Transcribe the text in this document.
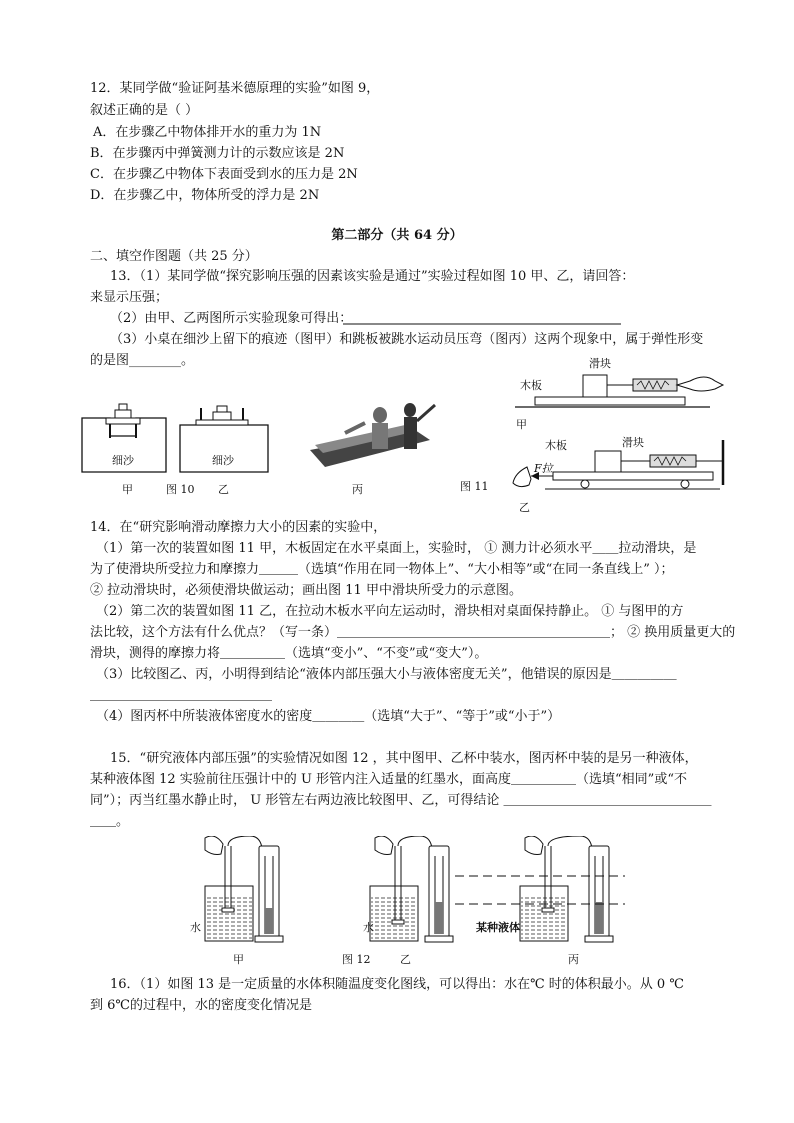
12．某同学做“验证阿基米德原理的实验”如图 9，
叙述正确的是（ ）
A．在步骤乙中物体排开水的重力为 1N
B．在步骤丙中弹簧测力计的示数应该是 2N
C．在步骤乙中物体下表面受到水的压力是 2N
D．在步骤乙中，物体所受的浮力是 2N
第二部分（共 64 分）
二、填空作图题（共 25 分）
13．（1）某同学做“探究影响压强的因素该实验是通过”实验过程如图 10 甲、乙，请回答：
来显示压强；
（2）由甲、乙两图所示实验现象可得出：
（3）小桌在细沙上留下的痕迹（图甲）和跳板被跳水运动员压弯（图丙）这两个现象中，属于弹性形变
的是图________。
细沙	细沙
甲	图 10 乙	丙
滑块
木板
甲
木板	滑块
F拉
图 11
乙
14．在“研究影响滑动摩擦力大小的因素的实验中，
（1）第一次的装置如图 11 甲，木板固定在水平桌面上，实验时， ① 测力计必须水平＿＿拉动滑块，是
为了使滑块所受拉力和摩擦力＿＿＿（选填“作用在同一物体上”、“大小相等”或“在同一条直线上” ）；
② 拉动滑块时，必须使滑块做运动；画出图 11 甲中滑块所受力的示意图。
（2）第二次的装置如图 11 乙，在拉动木板水平向左运动时，滑块相对桌面保持静止。 ① 与图甲的方
法比较，这个方法有什么优点？（写一条）＿＿＿＿＿＿＿＿＿＿＿＿＿＿＿＿＿＿＿＿＿； ② 换用质量更大的
滑块，测得的摩擦力将＿＿＿＿＿（选填“变小”、“不变”或“变大”）。
（3）比较图乙、丙，小明得到结论“液体内部压强大小与液体密度无关”，他错误的原因是＿＿＿＿＿
＿＿＿＿＿＿＿＿＿＿＿＿＿＿
（4）图丙杯中所装液体密度水的密度＿＿＿＿（选填“大于”、“等于”或“小于”）
15．“研究液体内部压强”的实验情况如图 12 ，其中图甲、乙杯中装水，图丙杯中装的是另一种液体，
某种液体图 12 实验前往压强计中的 U 形管内注入适量的红墨水，面高度＿＿＿＿＿（选填“相同”或“不
同”）；丙当红墨水静止时， U 形管左右两边液比较图甲、乙，可得结论 ＿＿＿＿＿＿＿＿＿＿＿＿＿＿＿＿
＿＿。
水	水	某种液体
甲	图 12	乙	丙
16．（1）如图 13 是一定质量的水体积随温度变化图线，可以得出：水在℃ 时的体积最小。从 0 ℃
到 6℃的过程中，水的密度变化情况是
